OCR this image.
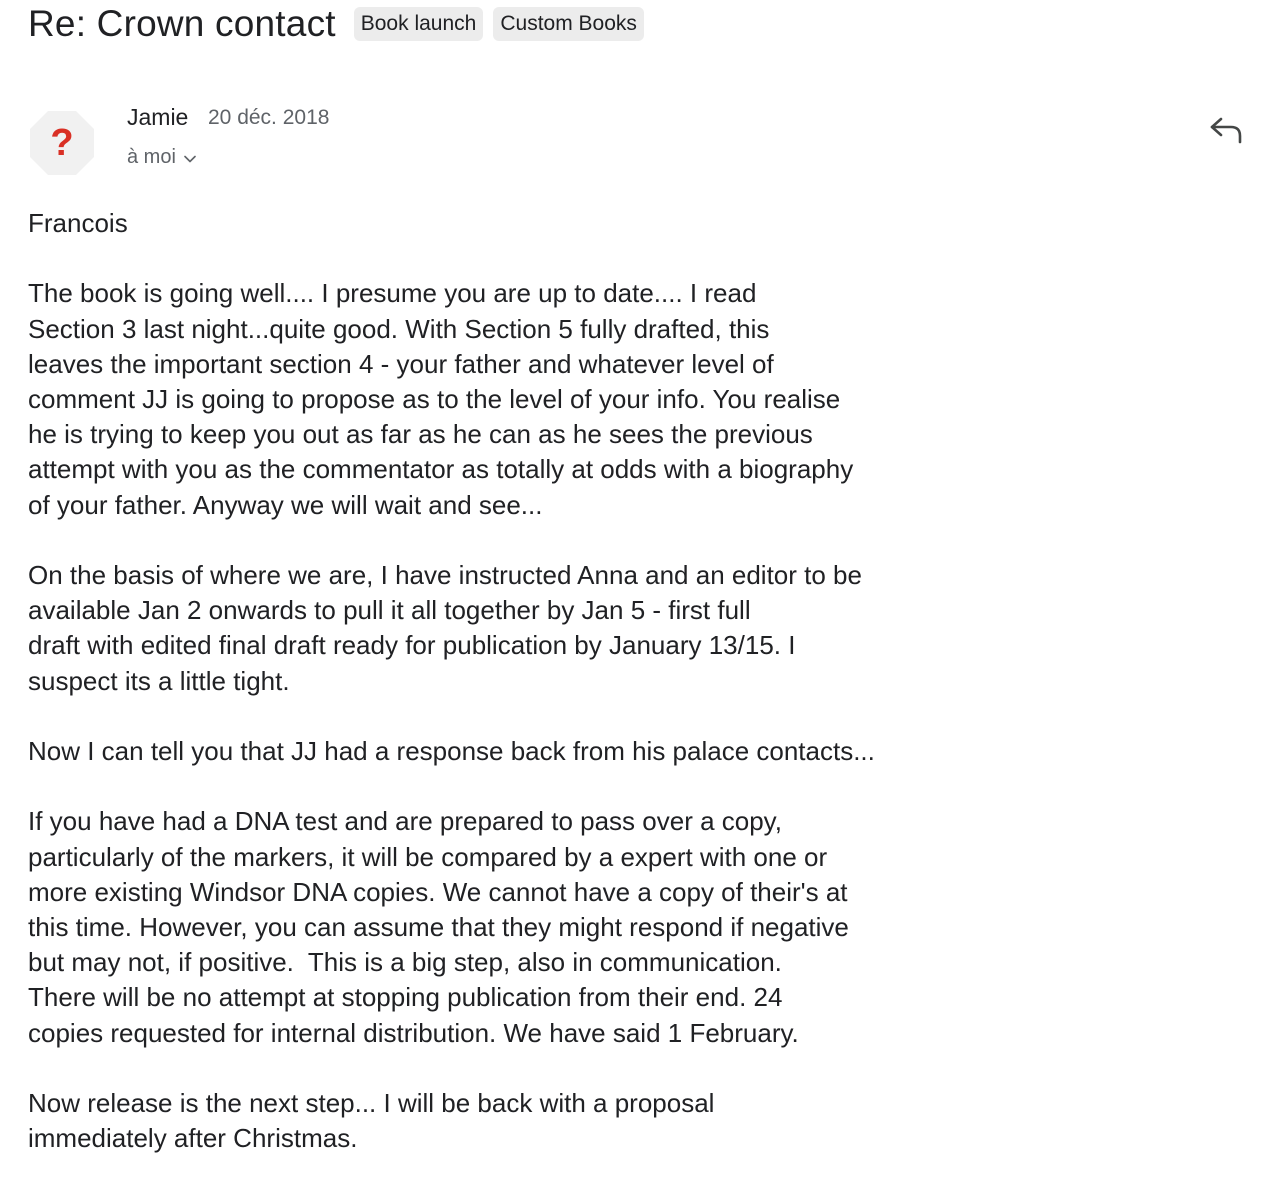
Re: Crown contact	Book launch	Custom Books
?
Jamie 20 déc. 2018
à moi
Francois
The book is going well.... I presume you are up to date.... I read
Section 3 last night...quite good. With Section 5 fully drafted, this
leaves the important section 4 - your father and whatever level of
comment JJ is going to propose as to the level of your info. You realise
he is trying to keep you out as far as he can as he sees the previous
attempt with you as the commentator as totally at odds with a biography
of your father. Anyway we will wait and see...
On the basis of where we are, I have instructed Anna and an editor to be
available Jan 2 onwards to pull it all together by Jan 5 - first full
draft with edited final draft ready for publication by January 13/15. I
suspect its a little tight.
Now I can tell you that JJ had a response back from his palace contacts...
If you have had a DNA test and are prepared to pass over a copy,
particularly of the markers, it will be compared by a expert with one or
more existing Windsor DNA copies. We cannot have a copy of their's at
this time. However, you can assume that they might respond if negative
but may not, if positive.  This is a big step, also in communication.
There will be no attempt at stopping publication from their end. 24
copies requested for internal distribution. We have said 1 February.
Now release is the next step... I will be back with a proposal
immediately after Christmas.
